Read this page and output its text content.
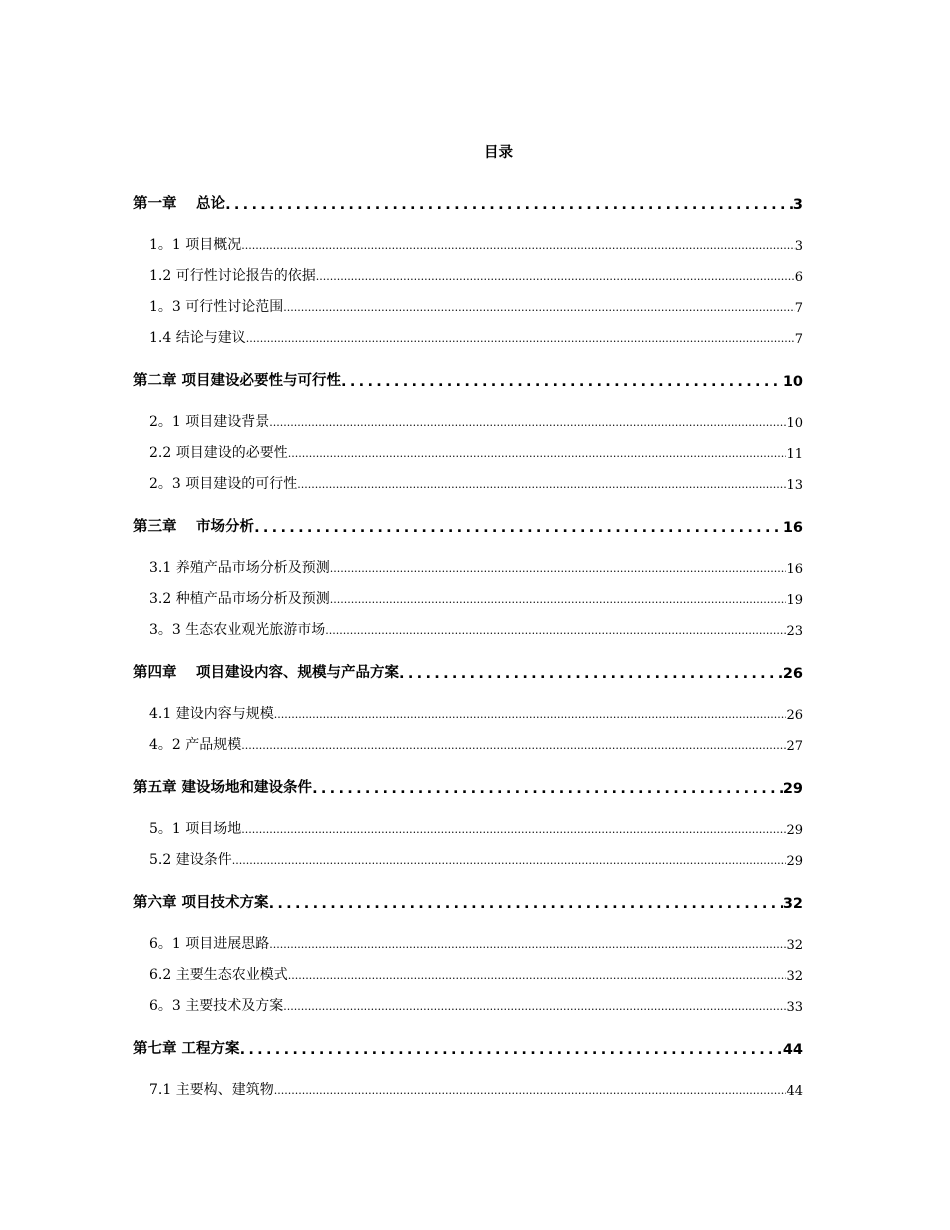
目录
第一章　 总论 .....	3
1。1 项目概况 .....	3
1.2 可行性讨论报告的依据 .....	6
1。3 可行性讨论范围 .....	7
1.4 结论与建议 .....	7
第二章 项目建设必要性与可行性 .....	10
2。1 项目建设背景 .....	10
2.2 项目建设的必要性 .....	11
2。3 项目建设的可行性 .....	13
第三章　 市场分析 .....	16
3.1 养殖产品市场分析及预测 .....	16
3.2 种植产品市场分析及预测 .....	19
3。3 生态农业观光旅游市场 .....	23
第四章　 项目建设内容、规模与产品方案 .....	26
4.1 建设内容与规模 .....	26
4。2 产品规模 .....	27
第五章 建设场地和建设条件 .....	29
5。1 项目场地 .....	29
5.2 建设条件 .....	29
第六章 项目技术方案 .....	32
6。1 项目进展思路 .....	32
6.2 主要生态农业模式 .....	32
6。3 主要技术及方案 .....	33
第七章 工程方案 .....	44
7.1 主要构、建筑物 .....	44
